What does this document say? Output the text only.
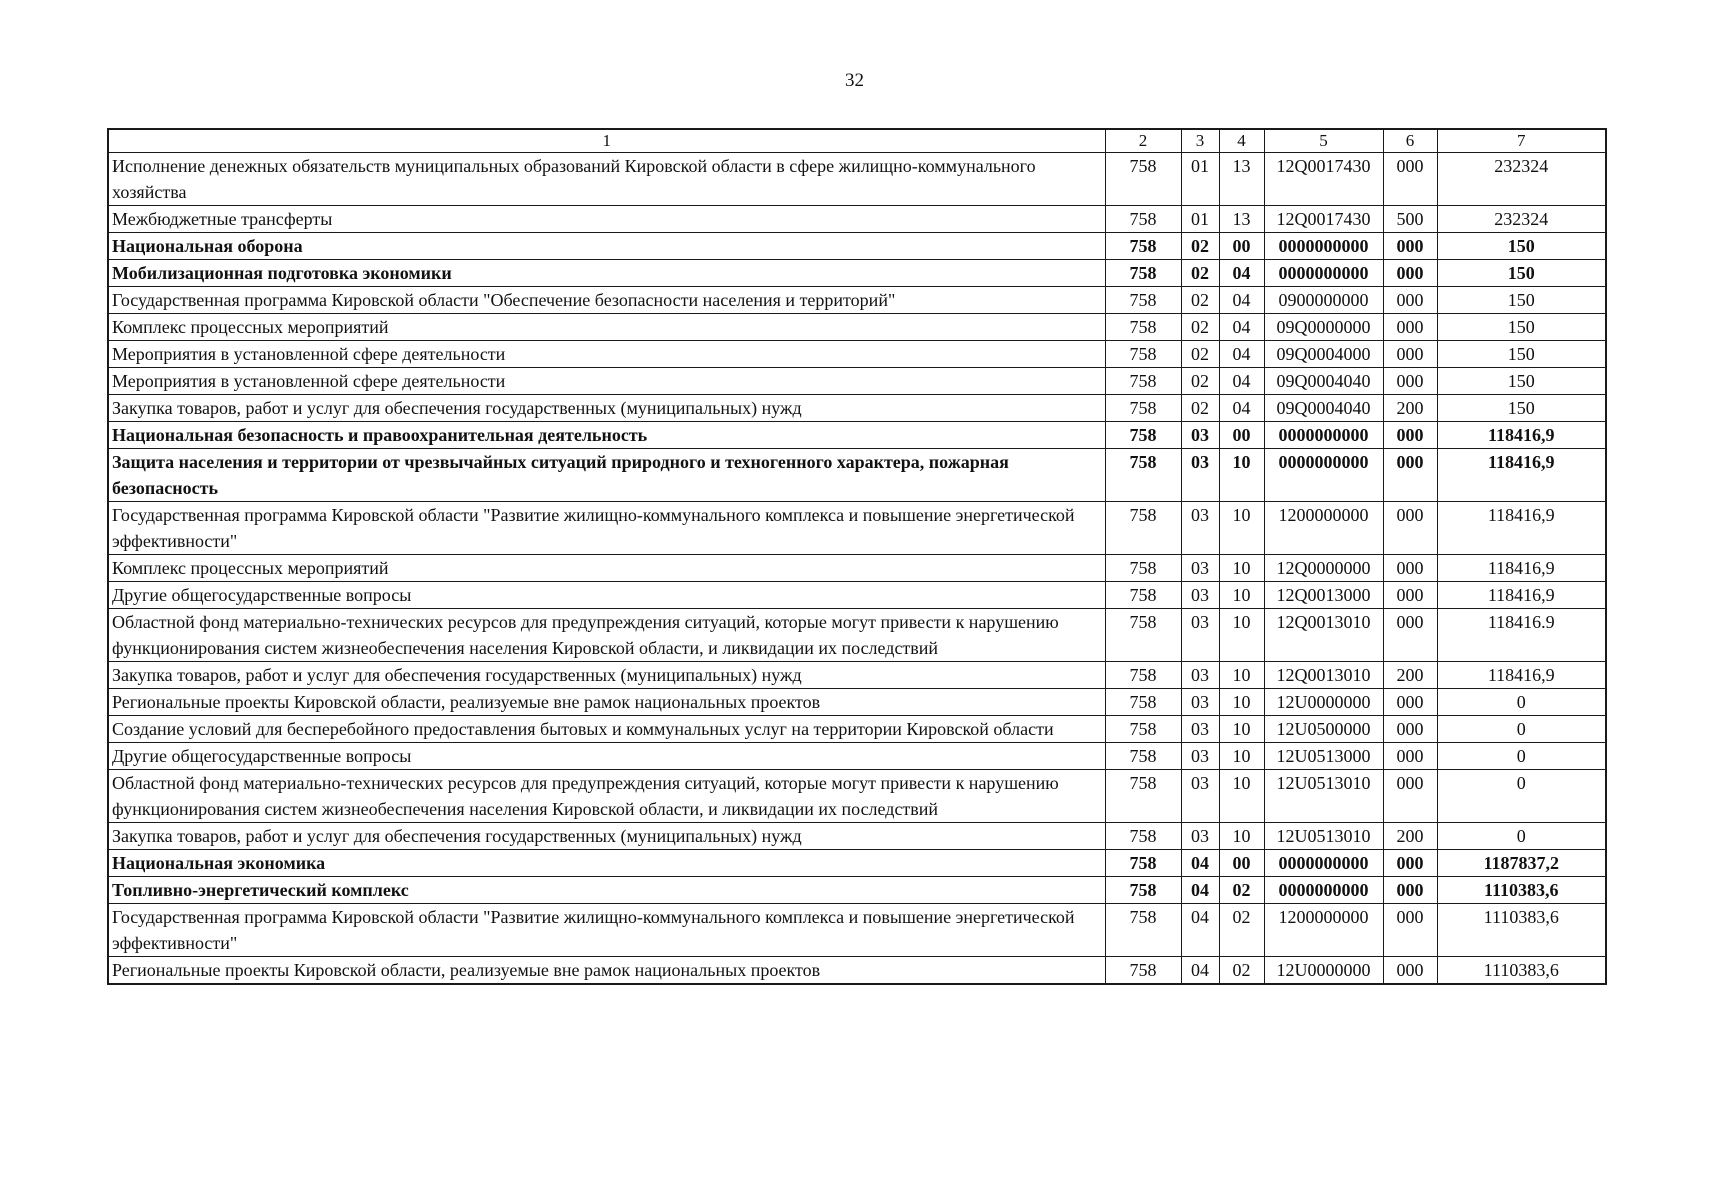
32
1	2	3	4	5	6	7
Исполнение денежных обязательств муниципальных образований Кировской области в сфере жилищно-коммунального хозяйства	758	01	13	12Q0017430	000	232324
Межбюджетные трансферты	758	01	13	12Q0017430	500	232324
Национальная оборона	758	02	00	0000000000	000	150
Мобилизационная подготовка экономики	758	02	04	0000000000	000	150
Государственная программа Кировской области "Обеспечение безопасности населения и территорий"	758	02	04	0900000000	000	150
Комплекс процессных мероприятий	758	02	04	09Q0000000	000	150
Мероприятия в установленной сфере деятельности	758	02	04	09Q0004000	000	150
Мероприятия в установленной сфере деятельности	758	02	04	09Q0004040	000	150
Закупка товаров, работ и услуг для обеспечения государственных (муниципальных) нужд	758	02	04	09Q0004040	200	150
Национальная безопасность и правоохранительная деятельность	758	03	00	0000000000	000	118416,9
Защита населения и территории от чрезвычайных ситуаций природного и техногенного характера, пожарная безопасность	758	03	10	0000000000	000	118416,9
Государственная программа Кировской области "Развитие жилищно-коммунального комплекса и повышение энергетической эффективности"	758	03	10	1200000000	000	118416,9
Комплекс процессных мероприятий	758	03	10	12Q0000000	000	118416,9
Другие общегосударственные вопросы	758	03	10	12Q0013000	000	118416,9
Областной фонд материально-технических ресурсов для предупреждения ситуаций, которые могут привести к нарушению функционирования систем жизнеобеспечения населения Кировской области, и ликвидации их последствий	758	03	10	12Q0013010	000	118416.9
Закупка товаров, работ и услуг для обеспечения государственных (муниципальных) нужд	758	03	10	12Q0013010	200	118416,9
Региональные проекты Кировской области, реализуемые вне рамок национальных проектов	758	03	10	12U0000000	000	0
Создание условий для бесперебойного предоставления бытовых и коммунальных услуг на территории Кировской области	758	03	10	12U0500000	000	0
Другие общегосударственные вопросы	758	03	10	12U0513000	000	0
Областной фонд материально-технических ресурсов для предупреждения ситуаций, которые могут привести к нарушению функционирования систем жизнеобеспечения населения Кировской области, и ликвидации их последствий	758	03	10	12U0513010	000	0
Закупка товаров, работ и услуг для обеспечения государственных (муниципальных) нужд	758	03	10	12U0513010	200	0
Национальная экономика	758	04	00	0000000000	000	1187837,2
Топливно-энергетический комплекс	758	04	02	0000000000	000	1110383,6
Государственная программа Кировской области "Развитие жилищно-коммунального комплекса и повышение энергетической эффективности"	758	04	02	1200000000	000	1110383,6
Региональные проекты Кировской области, реализуемые вне рамок национальных проектов	758	04	02	12U0000000	000	1110383,6
